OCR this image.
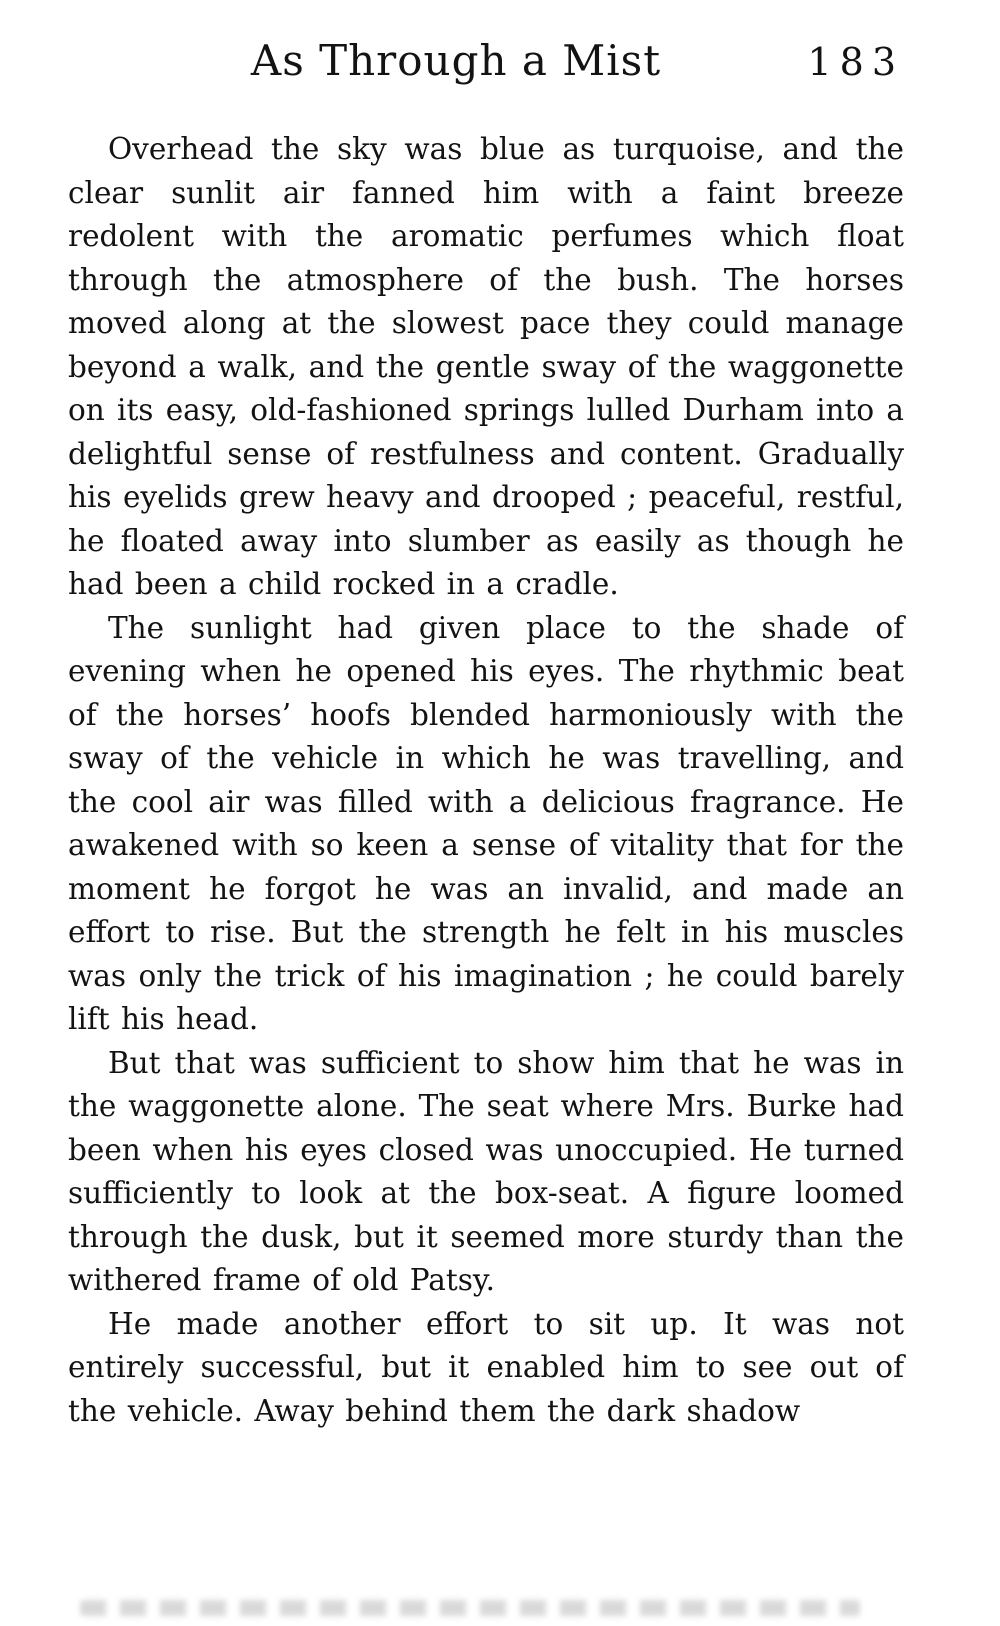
As Through a Mist	183

Overhead the sky was blue as turquoise, and the clear sunlit air fanned him with a faint breeze redolent with the aromatic perfumes which float through the atmosphere of the bush. The horses moved along at the slowest pace they could manage beyond a walk, and the gentle sway of the waggonette on its easy, old-fashioned springs lulled Durham into a delightful sense of restfulness and content. Gradually his eyelids grew heavy and drooped ; peaceful, restful, he floated away into slumber as easily as though he had been a child rocked in a cradle.

The sunlight had given place to the shade of evening when he opened his eyes. The rhythmic beat of the horses’ hoofs blended harmoniously with the sway of the vehicle in which he was travelling, and the cool air was filled with a delicious fragrance. He awakened with so keen a sense of vitality that for the moment he forgot he was an invalid, and made an effort to rise. But the strength he felt in his muscles was only the trick of his imagination ; he could barely lift his head.

But that was sufficient to show him that he was in the waggonette alone. The seat where Mrs. Burke had been when his eyes closed was unoccupied. He turned sufficiently to look at the box-seat. A figure loomed through the dusk, but it seemed more sturdy than the withered frame of old Patsy.

He made another effort to sit up. It was not entirely successful, but it enabled him to see out of the vehicle. Away behind them the dark shadow
